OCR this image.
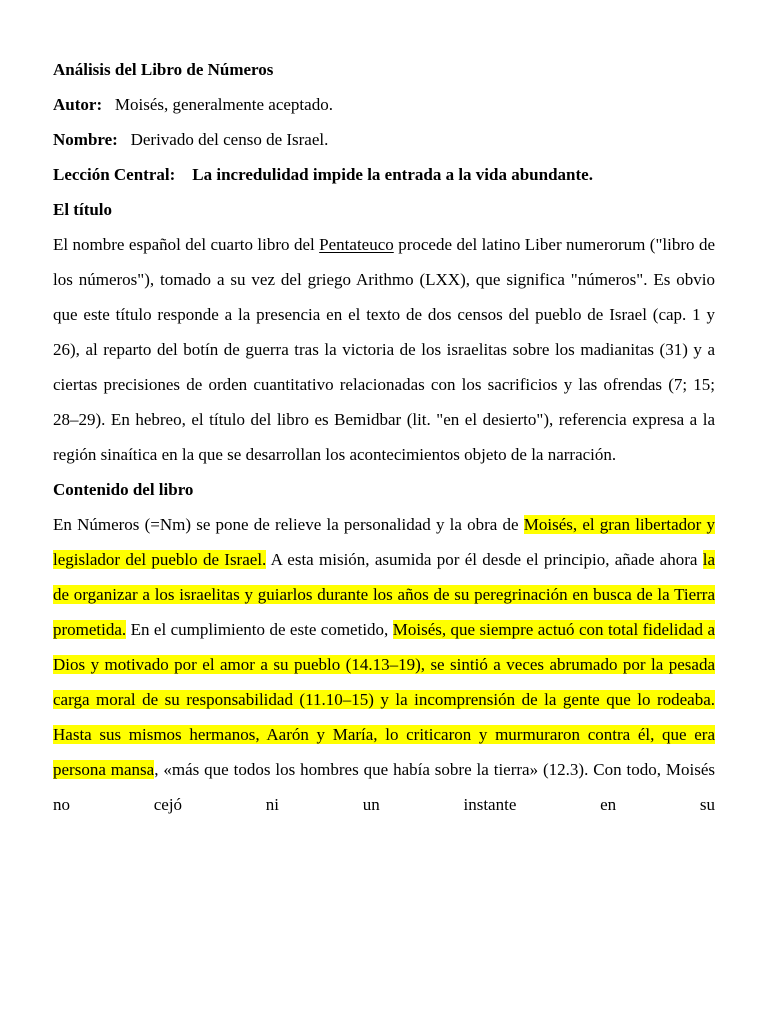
Análisis del Libro de Números

Autor:   Moisés, generalmente aceptado.

Nombre:   Derivado del censo de Israel.

Lección Central:    La incredulidad impide la entrada a la vida abundante.

El título

El nombre español del cuarto libro del Pentateuco procede del latino Liber numerorum ("libro de los números"), tomado a su vez del griego Arithmo (LXX), que significa "números". Es obvio que este título responde a la presencia en el texto de dos censos del pueblo de Israel (cap. 1 y 26), al reparto del botín de guerra tras la victoria de los israelitas sobre los madianitas (31) y a ciertas precisiones de orden cuantitativo relacionadas con los sacrificios y las ofrendas (7; 15; 28–29). En hebreo, el título del libro es Bemidbar (lit. "en el desierto"), referencia expresa a la región sinaítica en la que se desarrollan los acontecimientos objeto de la narración.

Contenido del libro

En Números (=Nm) se pone de relieve la personalidad y la obra de Moisés, el gran libertador y legislador del pueblo de Israel. A esta misión, asumida por él desde el principio, añade ahora la de organizar a los israelitas y guiarlos durante los años de su peregrinación en busca de la Tierra prometida. En el cumplimiento de este cometido, Moisés, que siempre actuó con total fidelidad a Dios y motivado por el amor a su pueblo (14.13–19), se sintió a veces abrumado por la pesada carga moral de su responsabilidad (11.10–15) y la incomprensión de la gente que lo rodeaba. Hasta sus mismos hermanos, Aarón y María, lo criticaron y murmuraron contra él, que era persona mansa, «más que todos los hombres que había sobre la tierra» (12.3). Con todo, Moisés no cejó ni un instante en su
